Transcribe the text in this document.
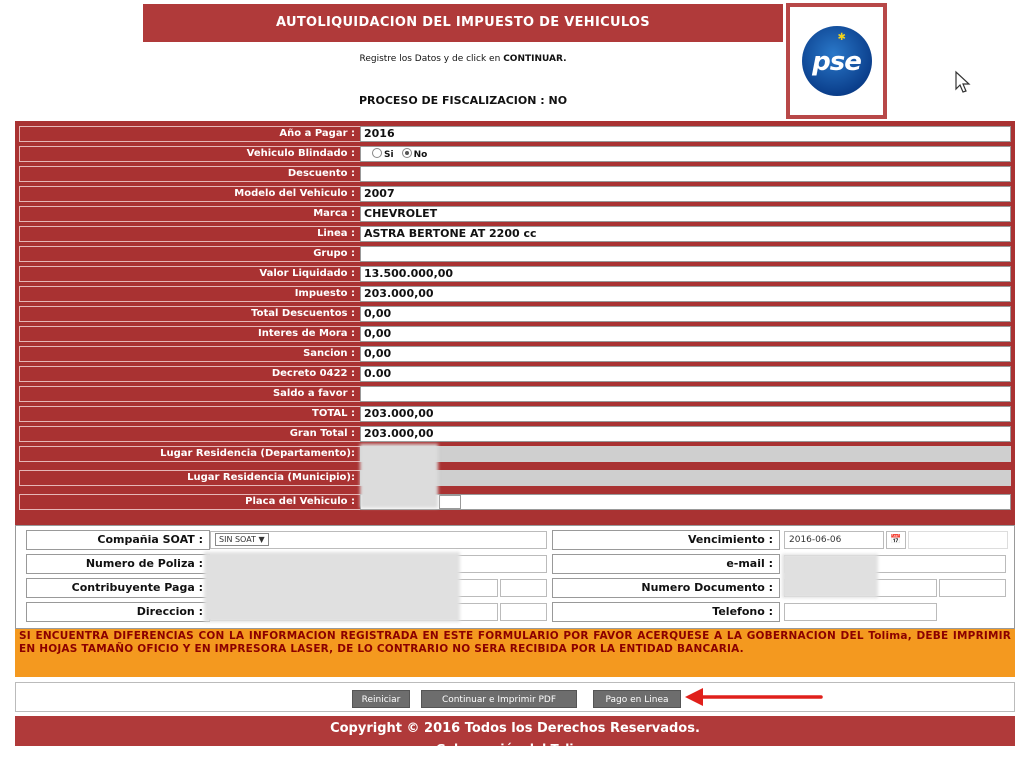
AUTOLIQUIDACION DEL IMPUESTO DE VEHICULOS
✱
pse
Registre los Datos y de click en CONTINUAR.
PROCESO DE FISCALIZACION : NO
Año a Pagar : 2016
Vehiculo Blindado :	Si No
Descuento :
Modelo del Vehiculo : 2007
Marca : CHEVROLET
Linea : ASTRA BERTONE AT 2200 cc
Grupo :
Valor Liquidado : 13.500.000,00
Impuesto : 203.000,00
Total Descuentos : 0,00
Interes de Mora : 0,00
Sancion : 0,00
Decreto 0422 : 0.00
Saldo a favor :
TOTAL : 203.000,00
Gran Total : 203.000,00
Lugar Residencia (Departamento):
Lugar Residencia (Municipio):
Placa del Vehiculo :
Compañia SOAT :	SIN SOAT ▼	Vencimiento :	2016-06-06	📅
Numero de Poliza :	e-mail :
Contribuyente Paga :	Numero Documento :
Direccion :	Telefono :
SI ENCUENTRA DIFERENCIAS CON LA INFORMACION REGISTRADA EN ESTE FORMULARIO POR FAVOR ACERQUESE A LA GOBERNACION DEL Tolima, DEBE IMPRIMIR EN HOJAS TAMAÑO OFICIO Y EN IMPRESORA LASER, DE LO CONTRARIO NO SERA RECIBIDA POR LA ENTIDAD BANCARIA.
Reiniciar	Continuar e Imprimir PDF	Pago en Linea
Copyright © 2016 Todos los Derechos Reservados.
Gobernación del Tolima
